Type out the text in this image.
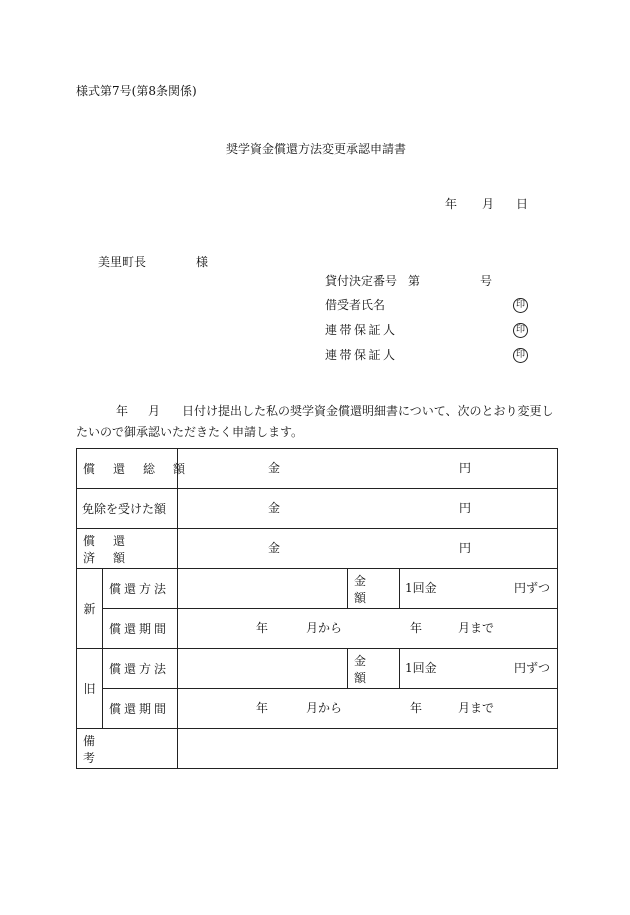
様式第7号(第8条関係)
奨学資金償還方法変更承認申請書
年 月 日
美里町長	様
貸付決定番号 第	号
借受者氏名	印
連帯保証人	印
連帯保証人	印
年 月 日付け提出した私の奨学資金償還明細書について、次のとおり変更し
たいので御承認いただきたく申請します。
償還総額		金 円		

免除を受けた額		金 円		

償還済額		金 円		

新	償還方法		金額	1回金 円ずつ

	償還期間	年 月から 年 月まで		

旧	償還方法		金額	1回金 円ずつ

	償還期間	年 月から 年 月まで		

備考				
